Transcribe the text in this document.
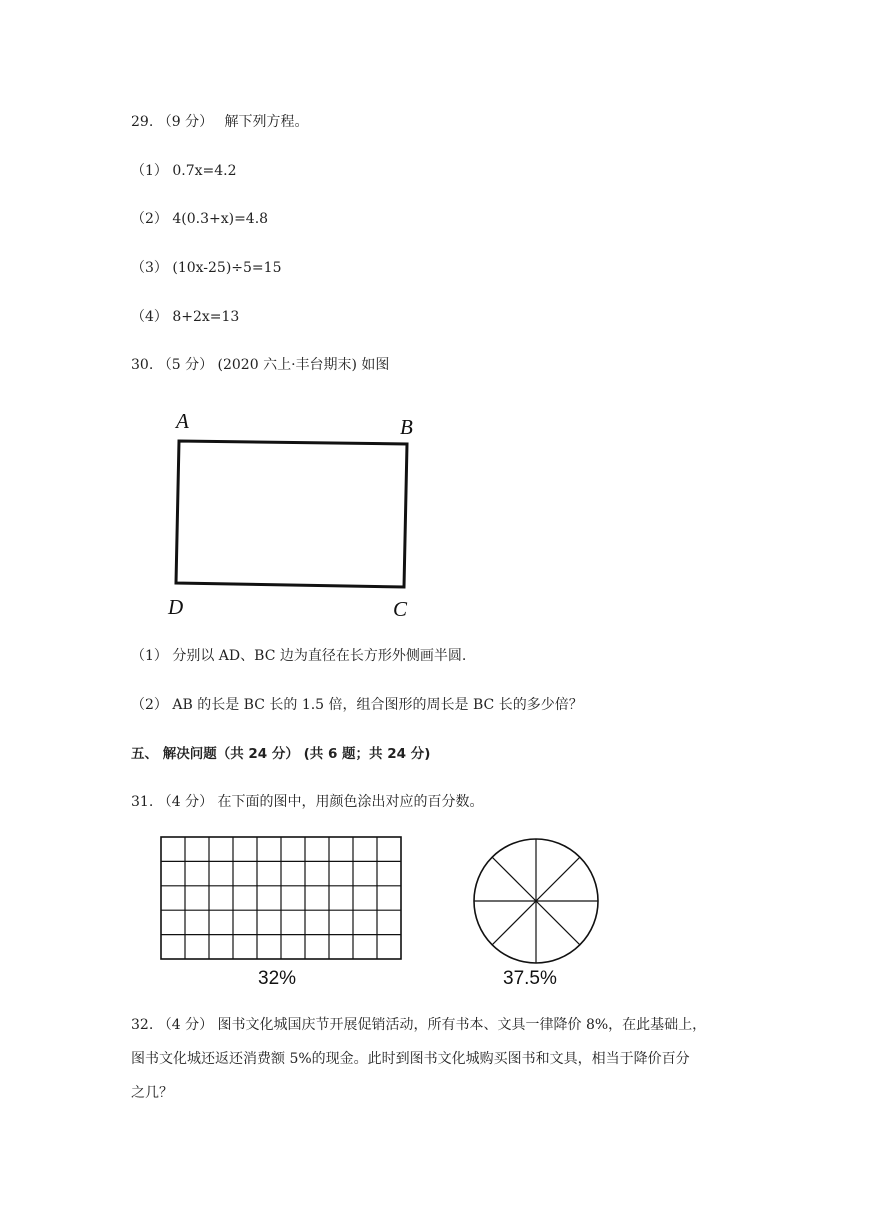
29. （9 分）　 解下列方程。
（1） 0.7x=4.2
（2） 4(0.3+x)=4.8
（3） (10x-25)÷5=15
（4） 8+2x=13
30. （5 分） (2020 六上·丰台期末) 如图
A	B
D	C
（1） 分别以 AD、BC 边为直径在长方形外侧画半圆.
（2） AB 的长是 BC 长的 1.5 倍，组合图形的周长是 BC 长的多少倍？
五、 解决问题（共 24 分） (共 6 题；共 24 分)
31. （4 分） 在下面的图中，用颜色涂出对应的百分数。
32%	37.5%
32. （4 分） 图书文化城国庆节开展促销活动，所有书本、文具一律降价 8%，在此基础上，
图书文化城还返还消费额 5%的现金。此时到图书文化城购买图书和文具，相当于降价百分
之几？
